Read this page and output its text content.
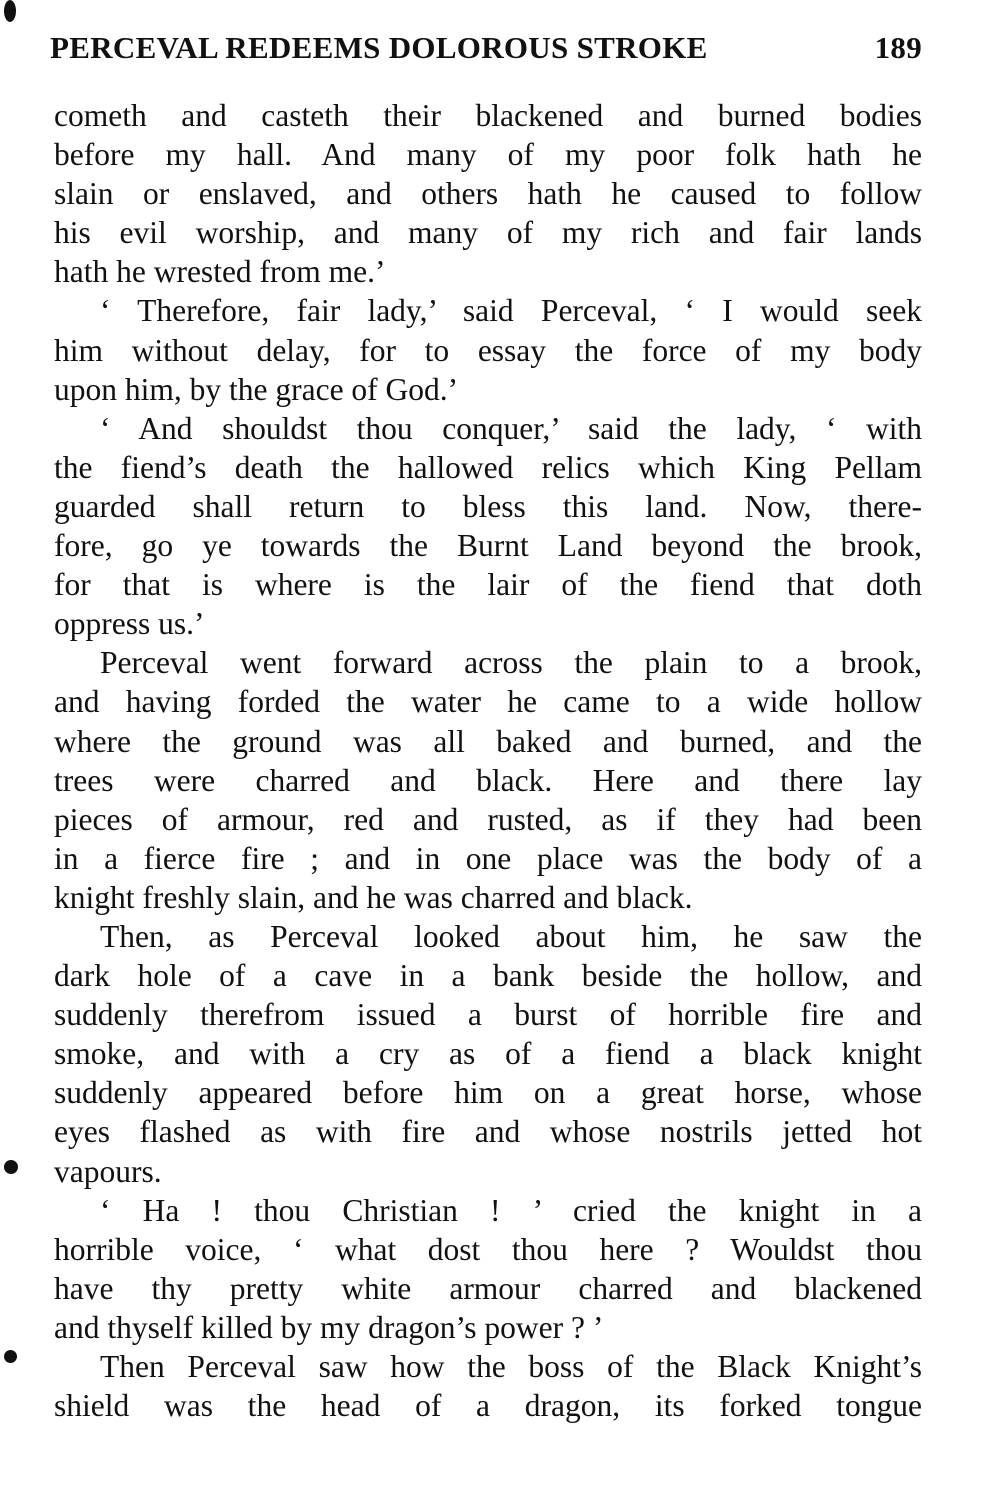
PERCEVAL REDEEMS DOLOROUS STROKE	189
cometh and casteth their blackened and burned bodies
before my hall. And many of my poor folk hath he
slain or enslaved, and others hath he caused to follow
his evil worship, and many of my rich and fair lands
hath he wrested from me.’
‘ Therefore, fair lady,’ said Perceval, ‘ I would seek
him without delay, for to essay the force of my body
upon him, by the grace of God.’
‘ And shouldst thou conquer,’ said the lady, ‘ with
the fiend’s death the hallowed relics which King Pellam
guarded shall return to bless this land. Now, there-
fore, go ye towards the Burnt Land beyond the brook,
for that is where is the lair of the fiend that doth
oppress us.’
Perceval went forward across the plain to a brook,
and having forded the water he came to a wide hollow
where the ground was all baked and burned, and the
trees were charred and black. Here and there lay
pieces of armour, red and rusted, as if they had been
in a fierce fire ; and in one place was the body of a
knight freshly slain, and he was charred and black.
Then, as Perceval looked about him, he saw the
dark hole of a cave in a bank beside the hollow, and
suddenly therefrom issued a burst of horrible fire and
smoke, and with a cry as of a fiend a black knight
suddenly appeared before him on a great horse, whose
eyes flashed as with fire and whose nostrils jetted hot
vapours.
‘ Ha ! thou Christian ! ’ cried the knight in a
horrible voice, ‘ what dost thou here ? Wouldst thou
have thy pretty white armour charred and blackened
and thyself killed by my dragon’s power ? ’
Then Perceval saw how the boss of the Black Knight’s
shield was the head of a dragon, its forked tongue
